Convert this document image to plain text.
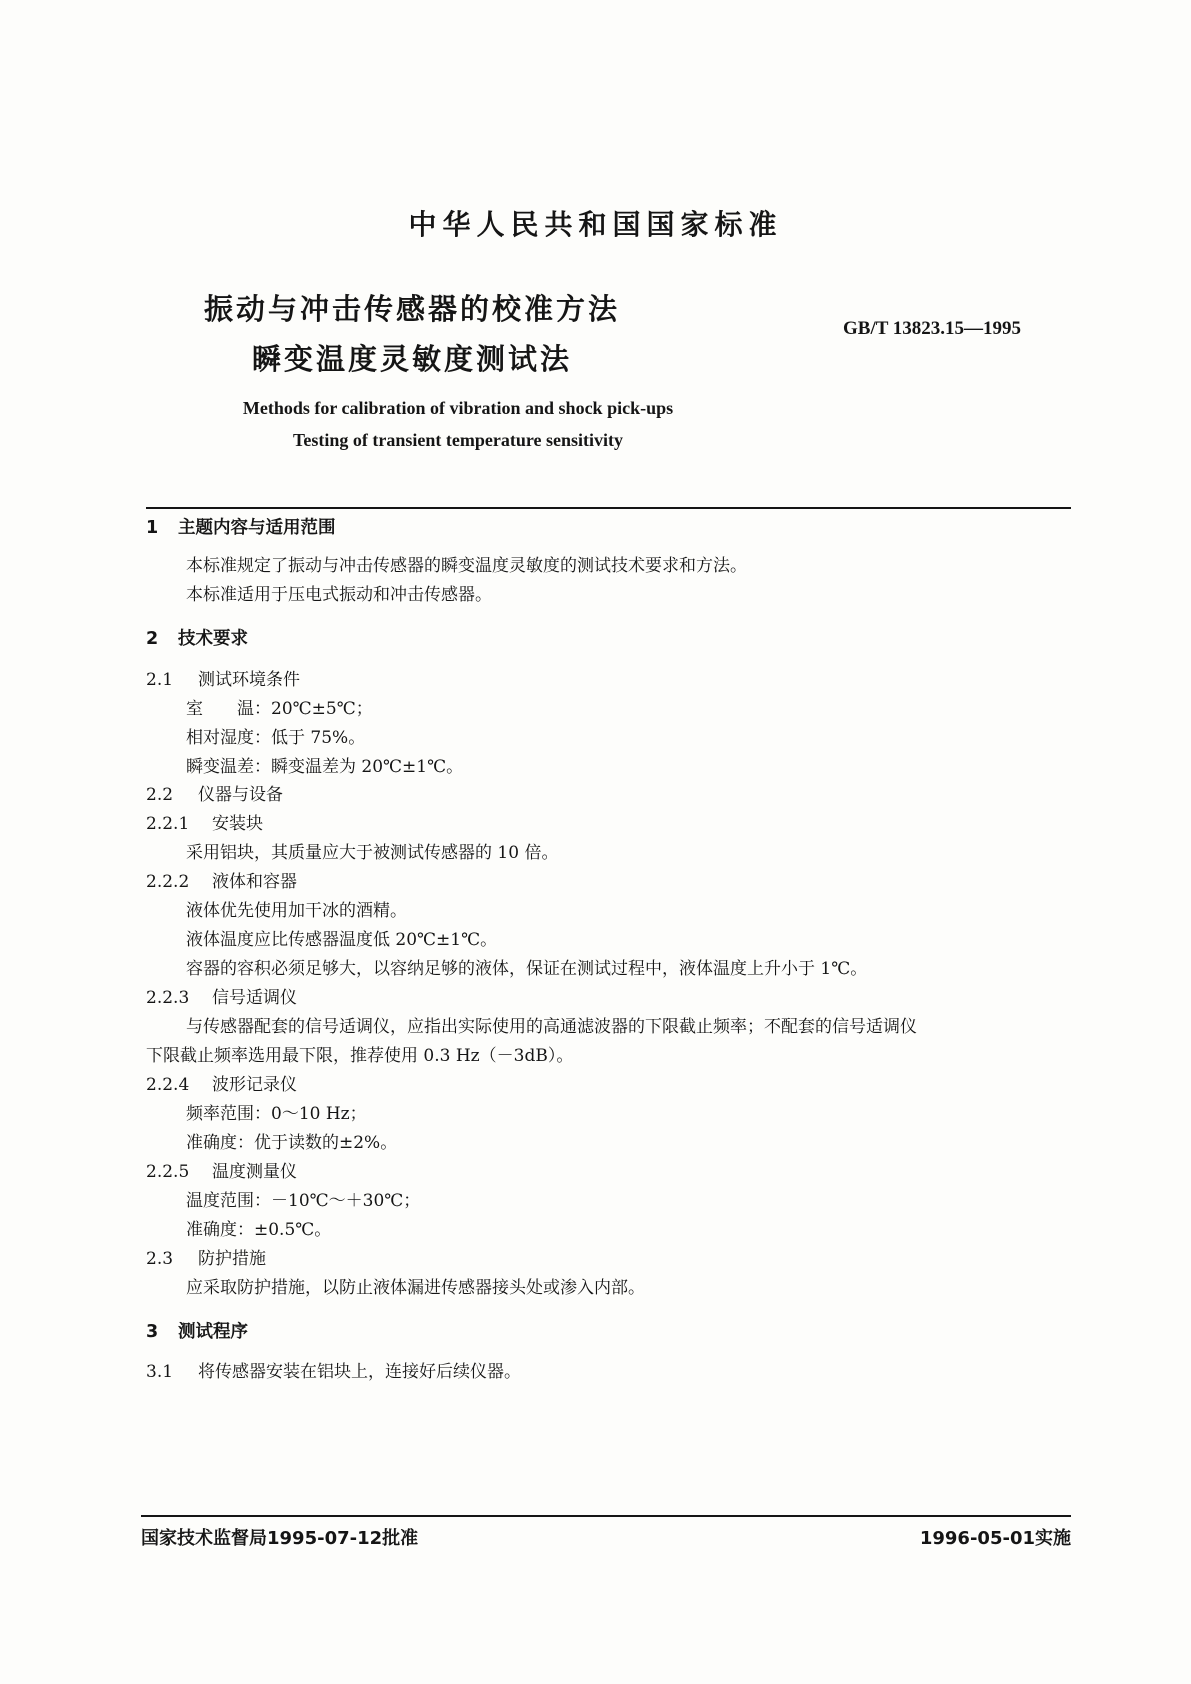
中华人民共和国国家标准
振动与冲击传感器的校准方法
瞬变温度灵敏度测试法
GB/T 13823.15—1995
Methods for calibration of vibration and shock pick-ups
Testing of transient temperature sensitivity
1 主题内容与适用范围
本标准规定了振动与冲击传感器的瞬变温度灵敏度的测试技术要求和方法。
本标准适用于压电式振动和冲击传感器。
2 技术要求
2.1 测试环境条件
室　　温：20℃±5℃；
相对湿度：低于 75%。
瞬变温差：瞬变温差为 20℃±1℃。
2.2 仪器与设备
2.2.1 安装块
采用铝块，其质量应大于被测试传感器的 10 倍。
2.2.2 液体和容器
液体优先使用加干冰的酒精。
液体温度应比传感器温度低 20℃±1℃。
容器的容积必须足够大，以容纳足够的液体，保证在测试过程中，液体温度上升小于 1℃。
2.2.3 信号适调仪
与传感器配套的信号适调仪，应指出实际使用的高通滤波器的下限截止频率；不配套的信号适调仪
下限截止频率选用最下限，推荐使用 0.3 Hz（－3dB）。
2.2.4 波形记录仪
频率范围：0～10 Hz；
准确度：优于读数的±2%。
2.2.5 温度测量仪
温度范围：－10℃～＋30℃；
准确度：±0.5℃。
2.3 防护措施
应采取防护措施，以防止液体漏进传感器接头处或渗入内部。
3 测试程序
3.1 将传感器安装在铝块上，连接好后续仪器。
国家技术监督局1995-07-12批准	1996-05-01实施
